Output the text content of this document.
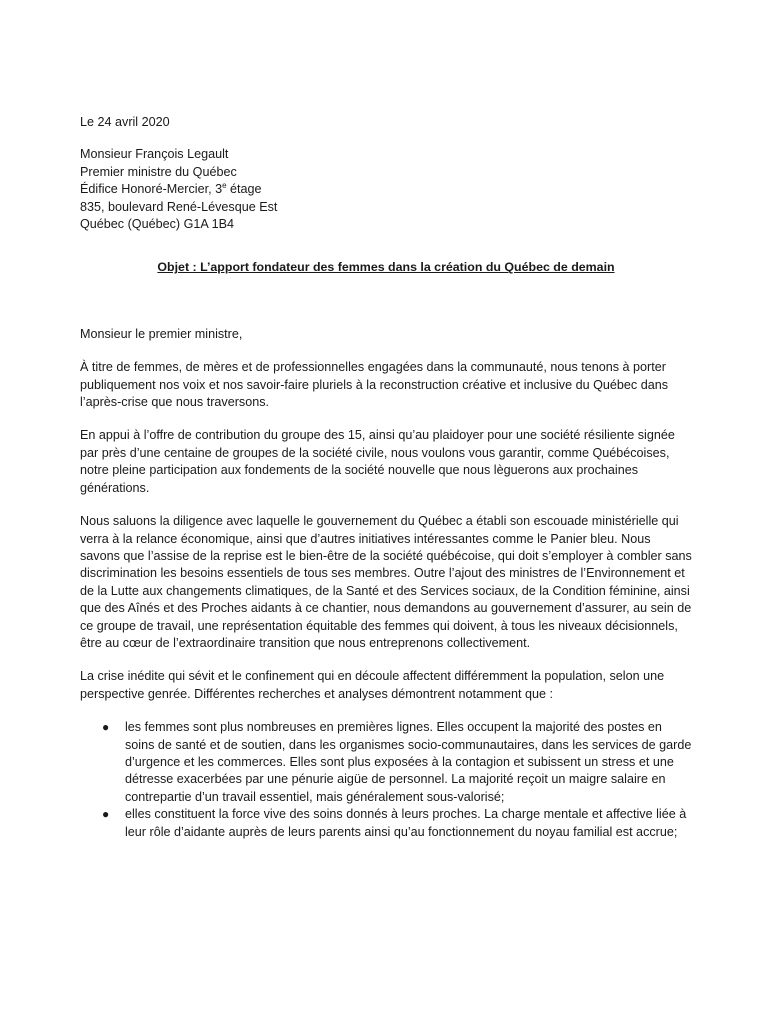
Le 24 avril 2020
Monsieur François Legault
Premier ministre du Québec
Édifice Honoré-Mercier, 3e étage
835, boulevard René-Lévesque Est
Québec (Québec) G1A 1B4
Objet : L’apport fondateur des femmes dans la création du Québec de demain
Monsieur le premier ministre,

À titre de femmes, de mères et de professionnelles engagées dans la communauté, nous tenons à porter publiquement nos voix et nos savoir-faire pluriels à la reconstruction créative et inclusive du Québec dans l’après-crise que nous traversons.

En appui à l’offre de contribution du groupe des 15, ainsi qu’au plaidoyer pour une société résiliente signée par près d’une centaine de groupes de la société civile, nous voulons vous garantir, comme Québécoises, notre pleine participation aux fondements de la société nouvelle que nous lèguerons aux prochaines générations.

Nous saluons la diligence avec laquelle le gouvernement du Québec a établi son escouade ministérielle qui verra à la relance économique, ainsi que d’autres initiatives intéressantes comme le Panier bleu. Nous savons que l’assise de la reprise est le bien-être de la société québécoise, qui doit s’employer à combler sans discrimination les besoins essentiels de tous ses membres. Outre l’ajout des ministres de l’Environnement et de la Lutte aux changements climatiques, de la Santé et des Services sociaux, de la Condition féminine, ainsi que des Aînés et des Proches aidants à ce chantier, nous demandons au gouvernement d’assurer, au sein de ce groupe de travail, une représentation équitable des femmes qui doivent, à tous les niveaux décisionnels, être au cœur de l’extraordinaire transition que nous entreprenons collectivement.

La crise inédite qui sévit et le confinement qui en découle affectent différemment la population, selon une perspective genrée. Différentes recherches et analyses démontrent notamment que :

● les femmes sont plus nombreuses en premières lignes. Elles occupent la majorité des postes en soins de santé et de soutien, dans les organismes socio-communautaires, dans les services de garde d’urgence et les commerces. Elles sont plus exposées à la contagion et subissent un stress et une détresse exacerbées par une pénurie aigüe de personnel. La majorité reçoit un maigre salaire en contrepartie d’un travail essentiel, mais généralement sous-valorisé;
● elles constituent la force vive des soins donnés à leurs proches. La charge mentale et affective liée à leur rôle d’aidante auprès de leurs parents ainsi qu’au fonctionnement du noyau familial est accrue;
